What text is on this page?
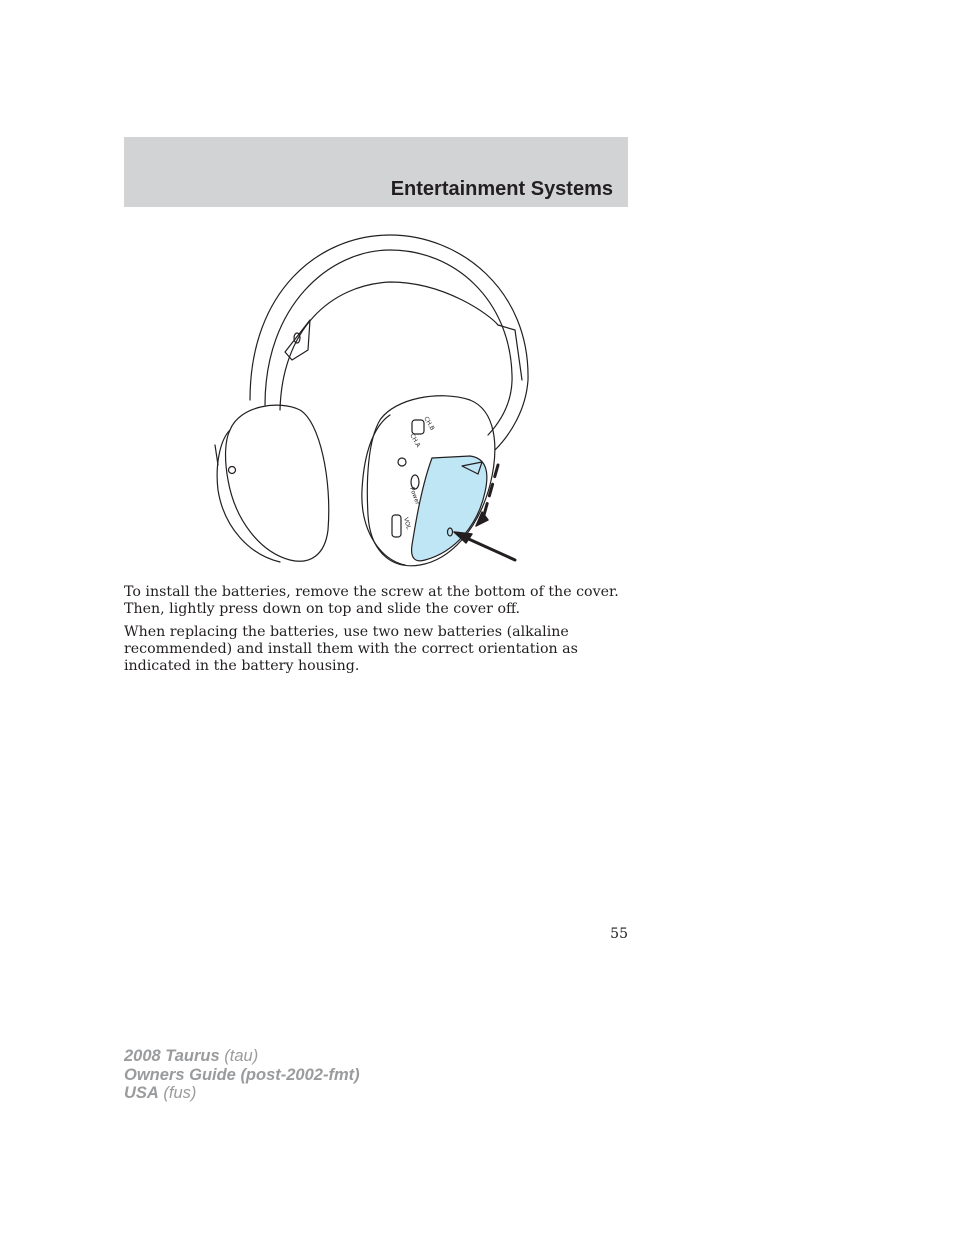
Entertainment Systems
CH.B
CH.A
Power
VOL

To install the batteries, remove the screw at the bottom of the cover. Then, lightly press down on top and slide the cover off.

When replacing the batteries, use two new batteries (alkaline recommended) and install them with the correct orientation as indicated in the battery housing.

55
2008 Taurus (tau)
Owners Guide (post-2002-fmt)
USA (fus)
